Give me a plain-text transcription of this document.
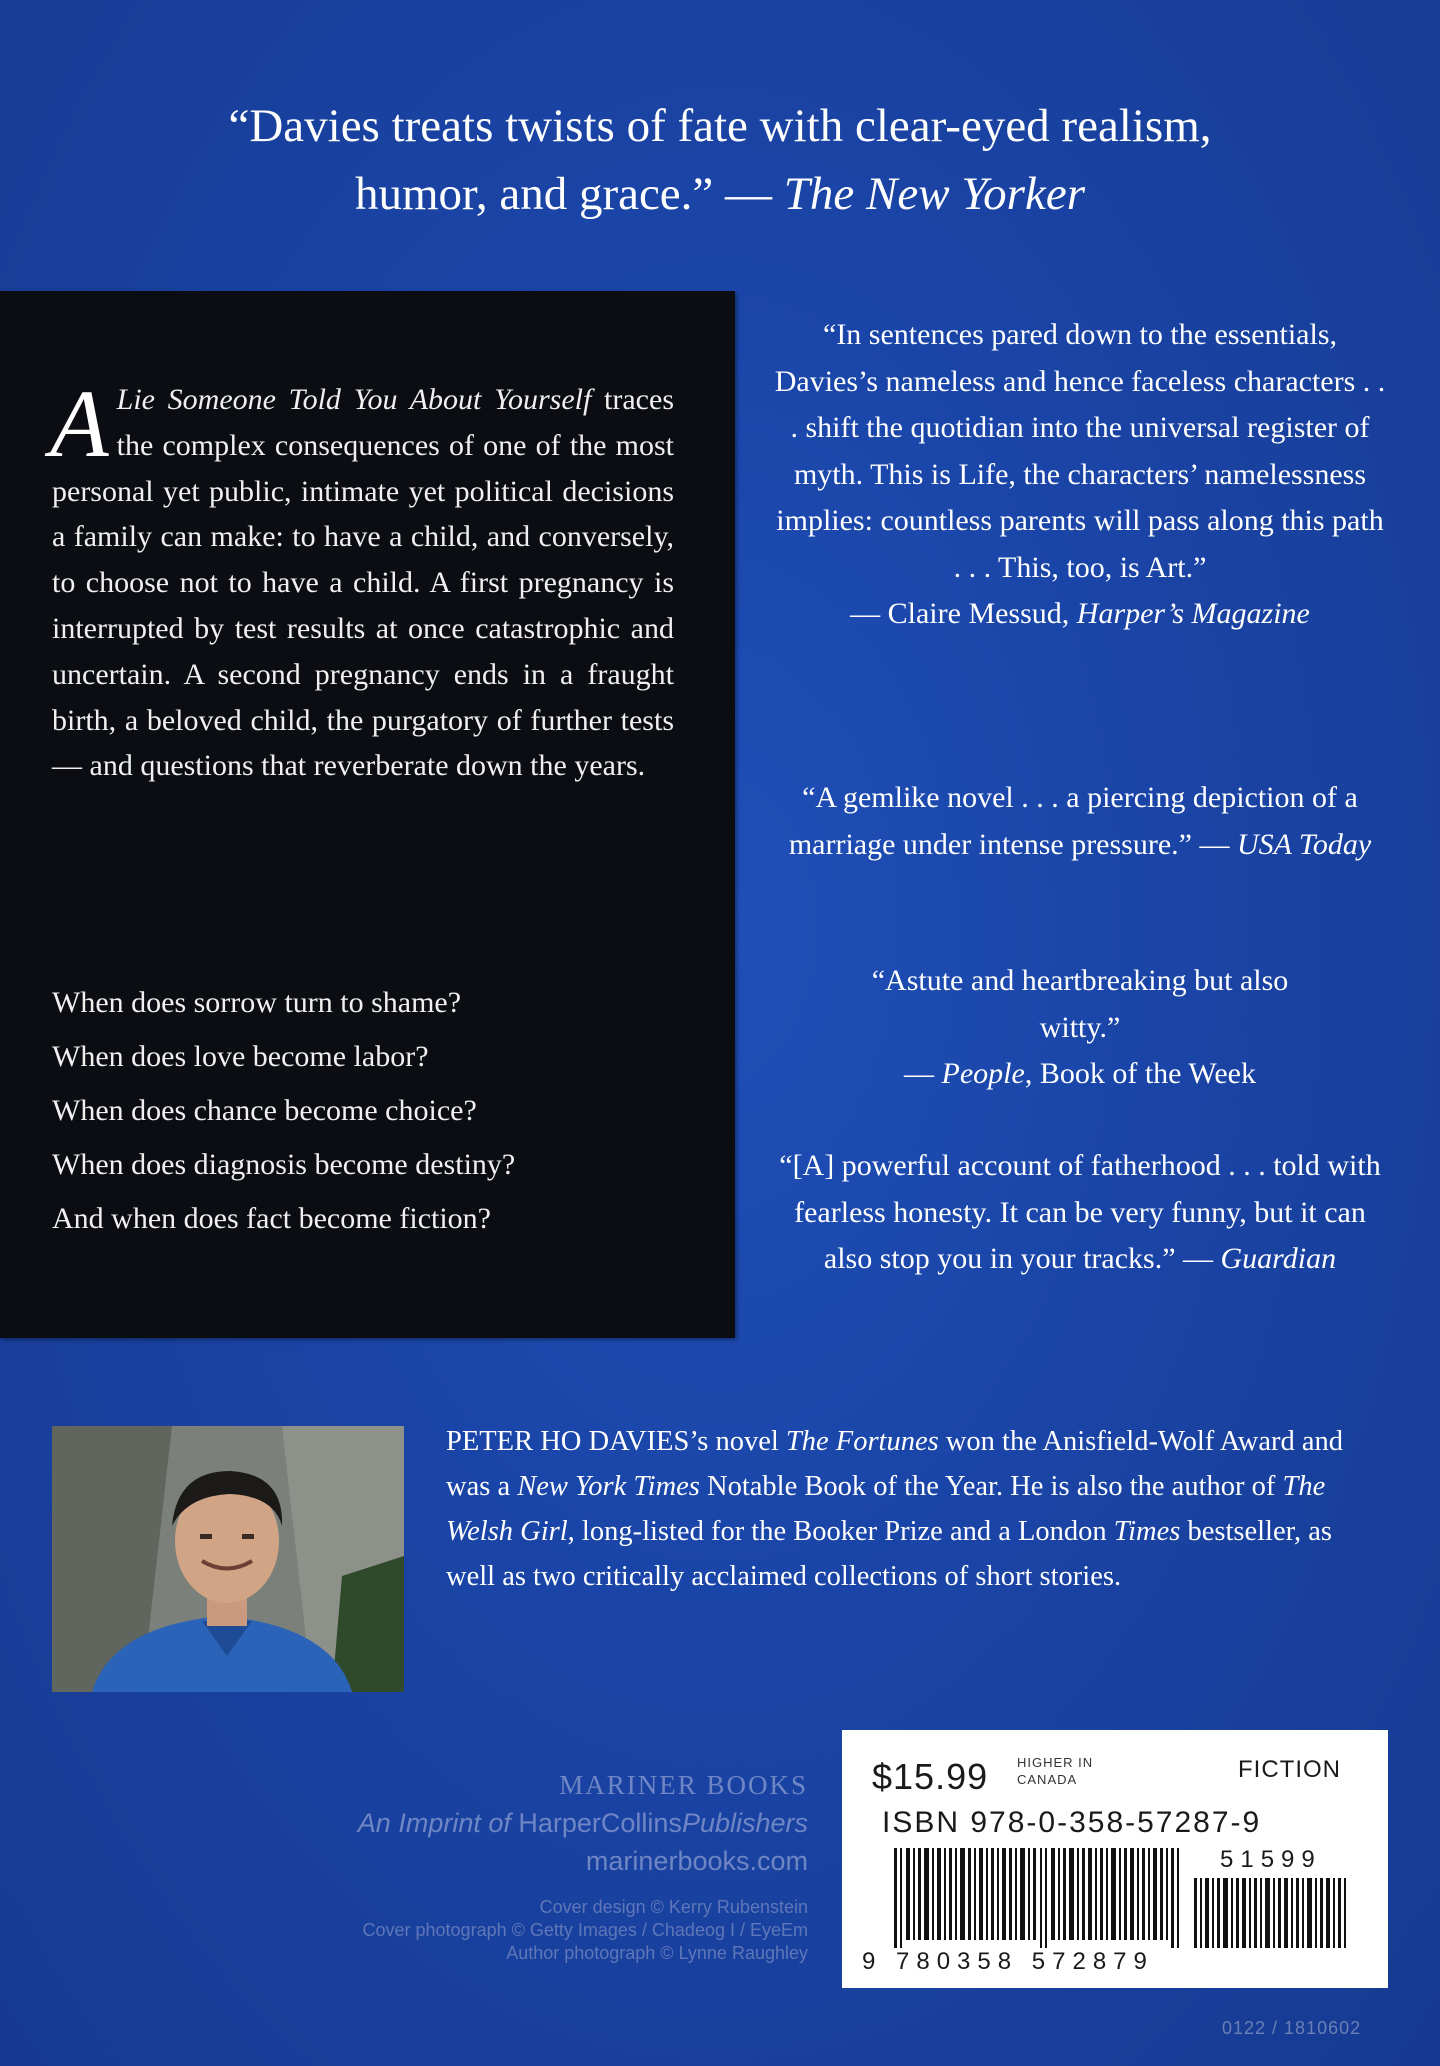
“Davies treats twists of fate with clear-eyed realism,
humor, and grace.” — The New Yorker
A Lie Someone Told You About Yourself traces the complex consequences of one of the most personal yet public, intimate yet political decisions a family can make: to have a child, and conversely, to choose not to have a child. A first pregnancy is interrupted by test results at once catastrophic and uncertain. A second pregnancy ends in a fraught birth, a beloved child, the purgatory of further tests — and questions that reverberate down the years.
When does sorrow turn to shame?
When does love become labor?
When does chance become choice?
When does diagnosis become destiny?
And when does fact become fiction?
“In sentences pared down to the essentials, Davies’s nameless and hence faceless characters . . . shift the quotidian into the universal register of myth. This is Life, the characters’ namelessness implies: countless parents will pass along this path . . . This, too, is Art.”
— Claire Messud, Harper’s Magazine
“A gemlike novel . . . a piercing depiction of a marriage under intense pressure.” — USA Today
“Astute and heartbreaking but also witty.”
— People, Book of the Week
“[A] powerful account of fatherhood . . . told with fearless honesty. It can be very funny, but it can also stop you in your tracks.” — Guardian
PETER HO DAVIES’s novel The Fortunes won the Anisfield-Wolf Award and was a New York Times Notable Book of the Year. He is also the author of The Welsh Girl, long-listed for the Booker Prize and a London Times bestseller, as well as two critically acclaimed collections of short stories.
MARINER BOOKS
An Imprint of HarperCollinsPublishers
marinerbooks.com
Cover design © Kerry Rubenstein
Cover photograph © Getty Images / Chadeog I / EyeEm
Author photograph © Lynne Raughley
$15.99 HIGHER IN
CANADA	FICTION
ISBN 978-0-358-57287-9
51599
9 780358 572879
0122 / 1810602
